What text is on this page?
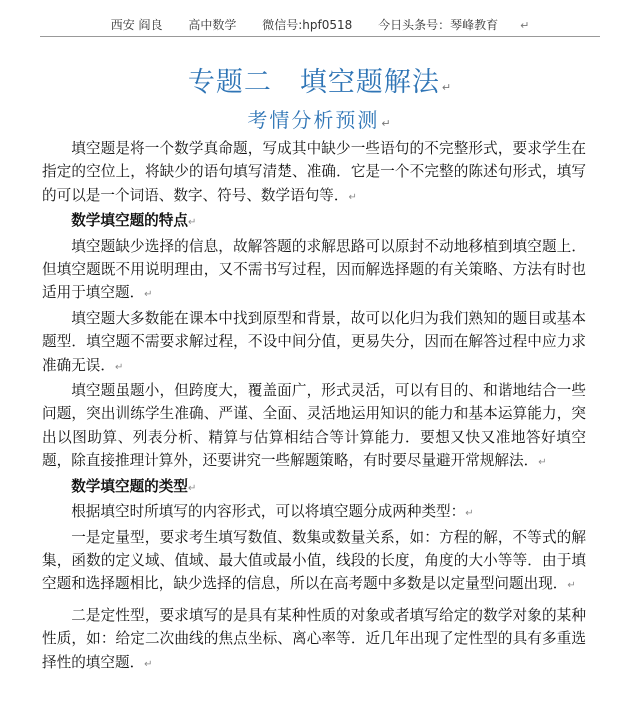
西安 阎良 高中数学 微信号:hpf0518 今日头条号：琴峰教育 ↵
专题二　填空题解法 ↵
考情分析预测 ↵

填空题是将一个数学真命题，写成其中缺少一些语句的不完整形式，要求学生在指定的空位上，将缺少的语句填写清楚、准确．它是一个不完整的陈述句形式，填写的可以是一个词语、数字、符号、数学语句等．↵

数学填空题的特点↵

填空题缺少选择的信息，故解答题的求解思路可以原封不动地移植到填空题上．但填空题既不用说明理由，又不需书写过程，因而解选择题的有关策略、方法有时也适用于填空题．↵

填空题大多数能在课本中找到原型和背景，故可以化归为我们熟知的题目或基本题型．填空题不需要求解过程，不设中间分值，更易失分，因而在解答过程中应力求准确无误．↵

填空题虽题小，但跨度大，覆盖面广，形式灵活，可以有目的、和谐地结合一些问题，突出训练学生准确、严谨、全面、灵活地运用知识的能力和基本运算能力，突出以图助算、列表分析、精算与估算相结合等计算能力．要想又快又准地答好填空题，除直接推理计算外，还要讲究一些解题策略，有时要尽量避开常规解法．↵

数学填空题的类型↵

根据填空时所填写的内容形式，可以将填空题分成两种类型：↵

一是定量型，要求考生填写数值、数集或数量关系，如：方程的解，不等式的解集，函数的定义域、值域、最大值或最小值，线段的长度，角度的大小等等．由于填空题和选择题相比，缺少选择的信息，所以在高考题中多数是以定量型问题出现．↵

二是定性型，要求填写的是具有某种性质的对象或者填写给定的数学对象的某种性质，如：给定二次曲线的焦点坐标、离心率等．近几年出现了定性型的具有多重选择性的填空题．↵
